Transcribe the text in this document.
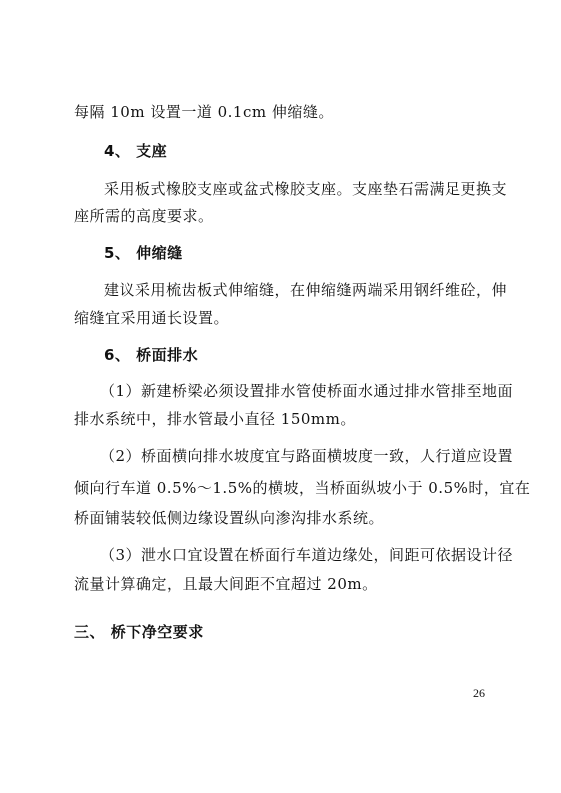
每隔 10m 设置一道 0.1cm 伸缩缝。
4、 支座
采用板式橡胶支座或盆式橡胶支座。支座垫石需满足更换支
座所需的高度要求。
5、 伸缩缝
建议采用梳齿板式伸缩缝，在伸缩缝两端采用钢纤维砼，伸
缩缝宜采用通长设置。
6、 桥面排水
（1）新建桥梁必须设置排水管使桥面水通过排水管排至地面
排水系统中，排水管最小直径 150mm。
（2）桥面横向排水坡度宜与路面横坡度一致，人行道应设置
倾向行车道 0.5%～1.5%的横坡，当桥面纵坡小于 0.5%时，宜在
桥面铺装较低侧边缘设置纵向渗沟排水系统。
（3）泄水口宜设置在桥面行车道边缘处，间距可依据设计径
流量计算确定，且最大间距不宜超过 20m。
三、 桥下净空要求
26
